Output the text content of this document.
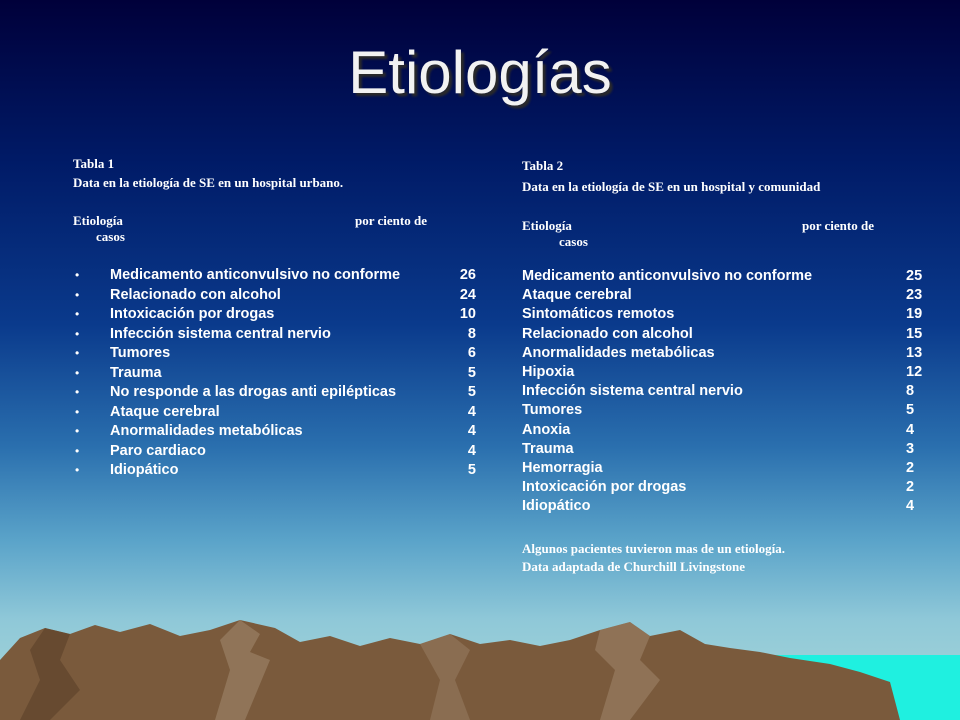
Etiologías
Tabla 1
Data en la etiología de SE en un hospital urbano.
Etiología	por ciento de
casos
• Medicamento anticonvulsivo no conforme	26
• Relacionado con alcohol	24
• Intoxicación por drogas	10
• Infección sistema central nervio	8
• Tumores	6
• Trauma	5
• No responde a las drogas anti epilépticas	5
• Ataque cerebral	4
• Anormalidades metabólicas	4
• Paro cardiaco	4
• Idiopático	5
Tabla 2
Data en la etiología de SE en un hospital y comunidad
Etiología	por ciento de
casos
Medicamento anticonvulsivo no conforme	25
Ataque cerebral	23
Sintomáticos remotos	19
Relacionado con alcohol	15
Anormalidades metabólicas	13
Hipoxia	12
Infección sistema central nervio	8
Tumores	5
Anoxia	4
Trauma	3
Hemorragia	2
Intoxicación por drogas	2
Idiopático	4
Algunos pacientes tuvieron mas de un etiología.
Data adaptada de Churchill Livingstone
